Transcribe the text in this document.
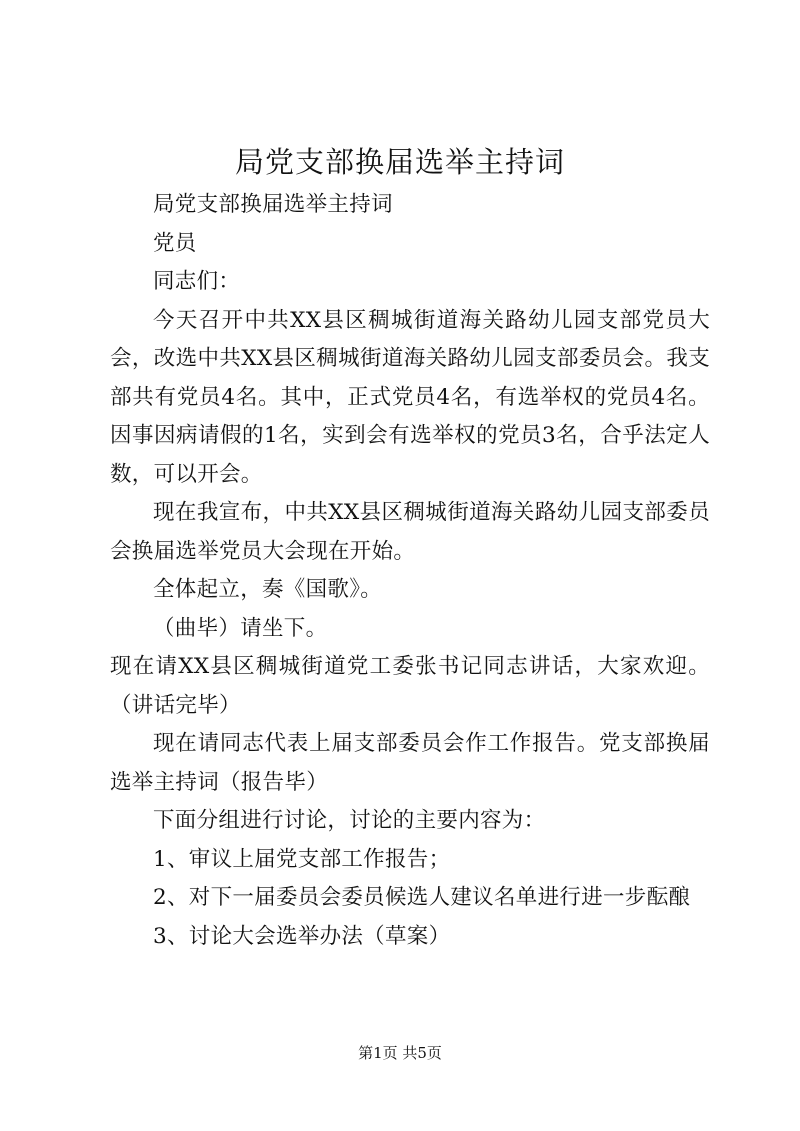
局党支部换届选举主持词

局党支部换届选举主持词

党员

同志们：

今天召开中共XX县区稠城街道海关路幼儿园支部党员大会，改选中共XX县区稠城街道海关路幼儿园支部委员会。我支部共有党员4名。其中，正式党员4名，有选举权的党员4名。因事因病请假的1名，实到会有选举权的党员3名，合乎法定人数，可以开会。

现在我宣布，中共XX县区稠城街道海关路幼儿园支部委员会换届选举党员大会现在开始。

全体起立，奏《国歌》。

（曲毕）请坐下。

现在请XX县区稠城街道党工委张书记同志讲话，大家欢迎。（讲话完毕）

现在请同志代表上届支部委员会作工作报告。党支部换届选举主持词（报告毕）

下面分组进行讨论，讨论的主要内容为：

1、审议上届党支部工作报告；

2、对下一届委员会委员候选人建议名单进行进一步酝酿

3、讨论大会选举办法（草案）

第1页 共5页
